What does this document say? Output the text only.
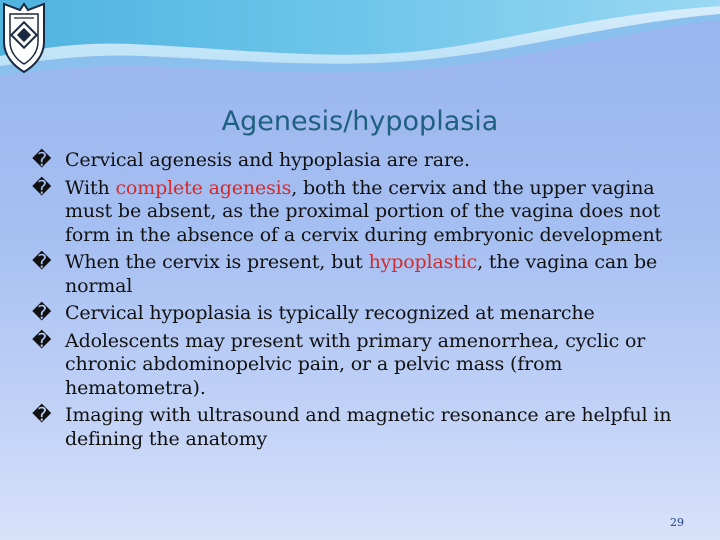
Agenesis/hypoplasia
� Cervical agenesis and hypoplasia are rare.
� With complete agenesis, both the cervix and the upper vagina must be absent, as the proximal portion of the vagina does not form in the absence of a cervix during embryonic development
� When the cervix is present, but hypoplastic, the vagina can be normal
� Cervical hypoplasia is typically recognized at menarche
� Adolescents may present with primary amenorrhea, cyclic or chronic abdominopelvic pain, or a pelvic mass (from hematometra).
� Imaging with ultrasound and magnetic resonance are helpful in defining the anatomy
29
